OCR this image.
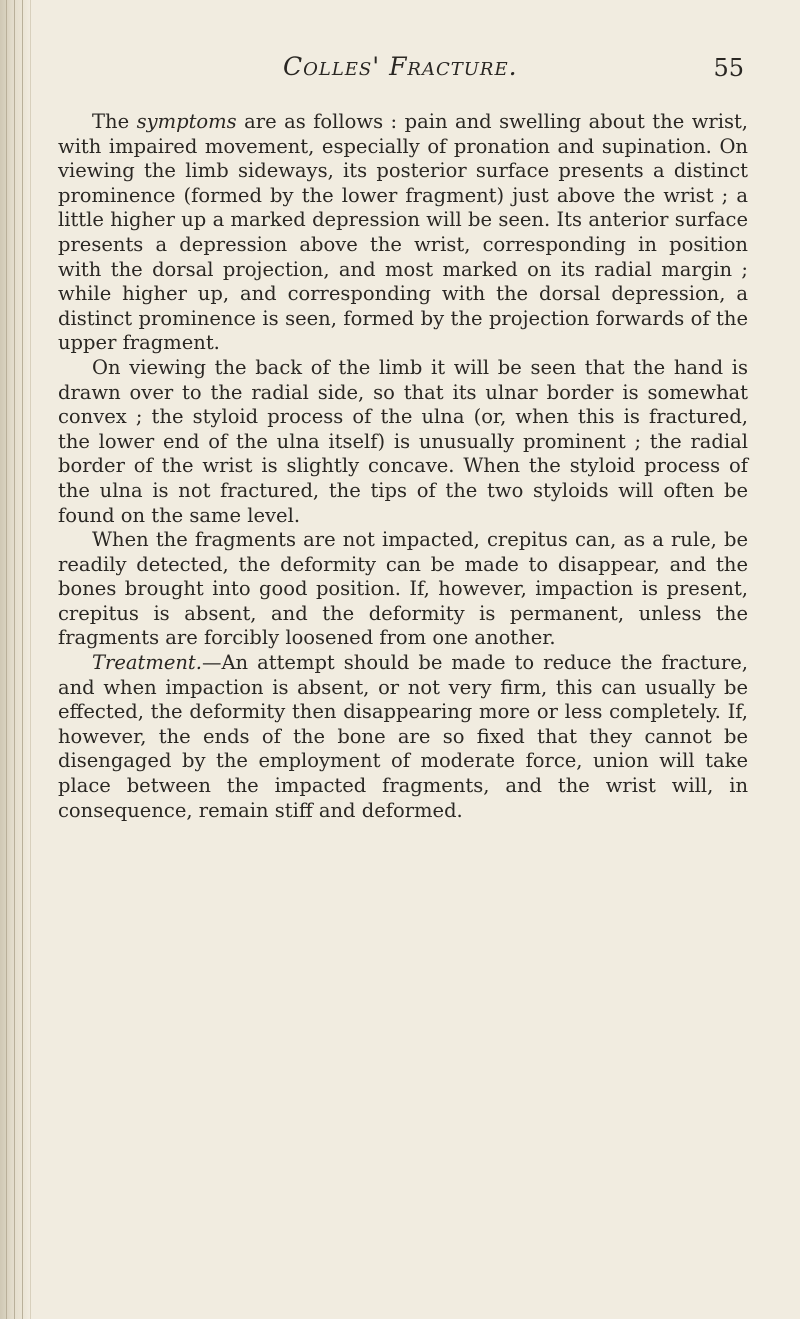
Colles' Fracture.	55

The symptoms are as follows : pain and swelling about the wrist, with impaired movement, especially of pronation and supination. On viewing the limb sideways, its posterior surface presents a distinct prominence (formed by the lower fragment) just above the wrist ; a little higher up a marked depression will be seen. Its anterior surface presents a depression above the wrist, corresponding in position with the dorsal projection, and most marked on its radial margin ; while higher up, and corresponding with the dorsal depression, a distinct prominence is seen, formed by the projection forwards of the upper fragment.

On viewing the back of the limb it will be seen that the hand is drawn over to the radial side, so that its ulnar border is somewhat convex ; the styloid process of the ulna (or, when this is fractured, the lower end of the ulna itself) is unusually prominent ; the radial border of the wrist is slightly concave. When the styloid process of the ulna is not fractured, the tips of the two styloids will often be found on the same level.

When the fragments are not impacted, crepitus can, as a rule, be readily detected, the deformity can be made to disappear, and the bones brought into good position. If, however, impaction is present, crepitus is absent, and the deformity is permanent, unless the fragments are forcibly loosened from one another.

Treatment.—An attempt should be made to reduce the fracture, and when impaction is absent, or not very firm, this can usually be effected, the deformity then disappearing more or less completely. If, however, the ends of the bone are so fixed that they cannot be disengaged by the employment of moderate force, union will take place between the impacted fragments, and the wrist will, in consequence, remain stiff and deformed.
